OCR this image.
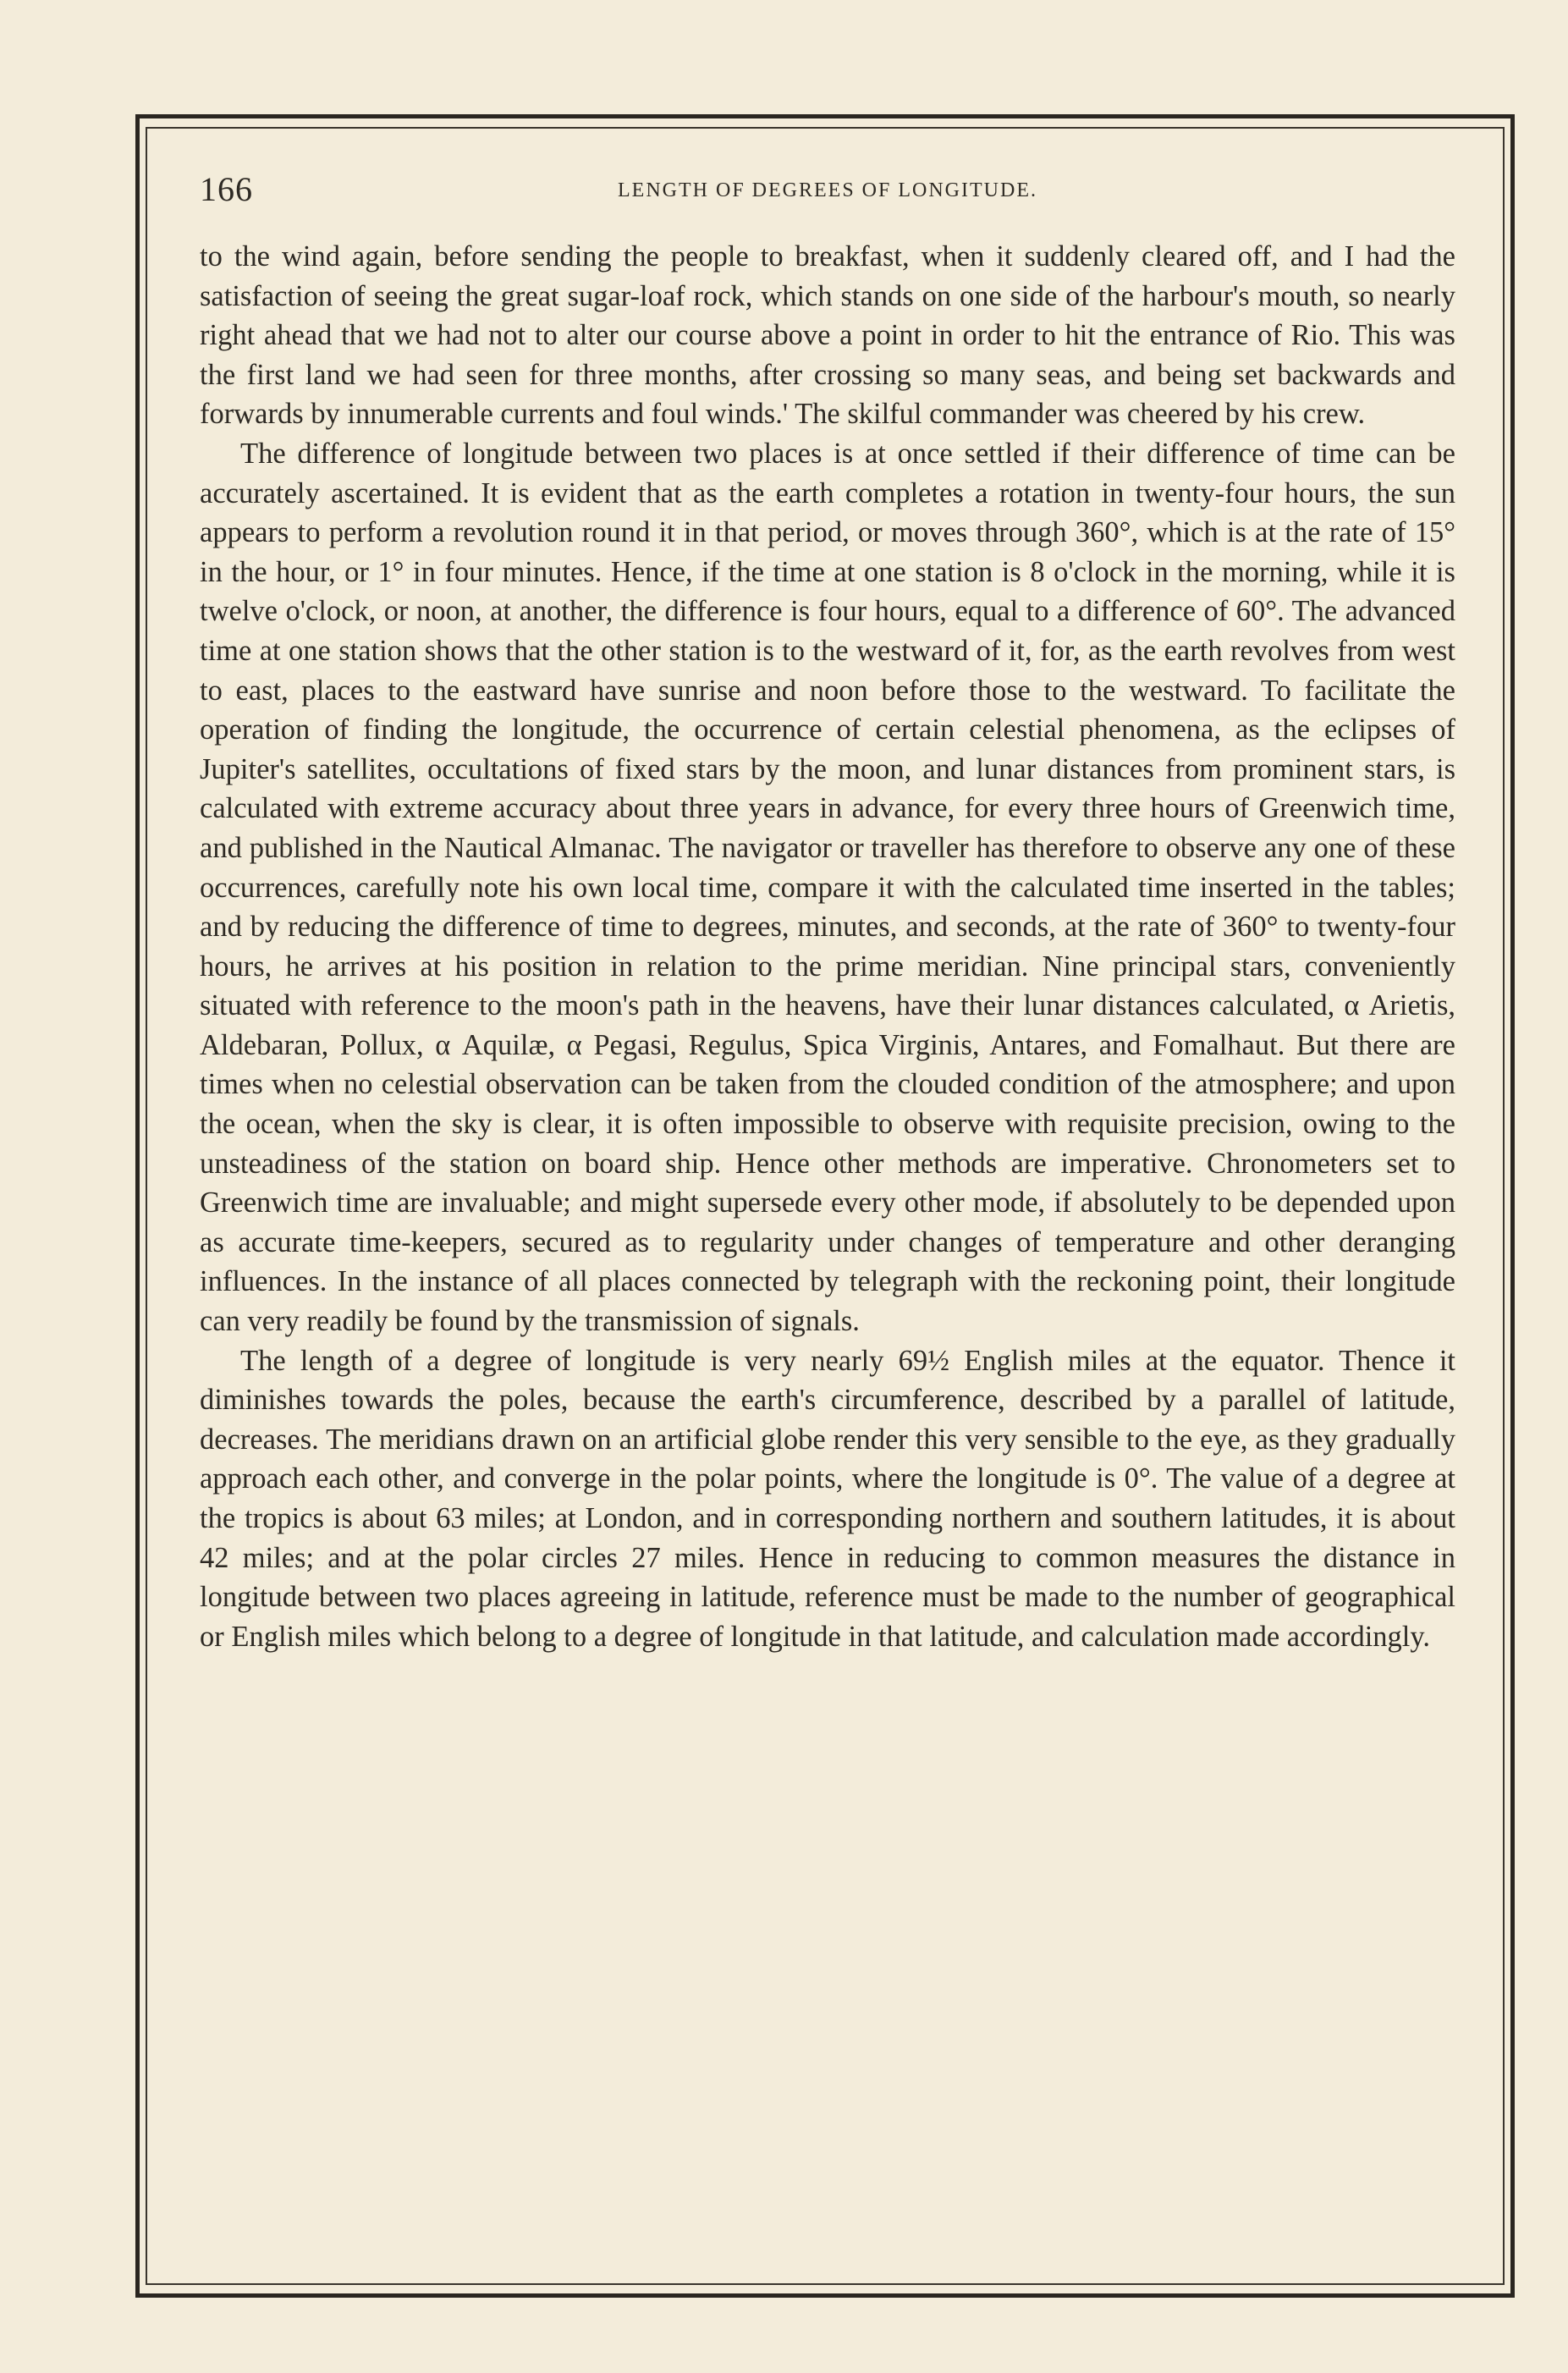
166	LENGTH OF DEGREES OF LONGITUDE.

to the wind again, before sending the people to breakfast, when it suddenly cleared off, and I had the satisfaction of seeing the great sugar-loaf rock, which stands on one side of the harbour's mouth, so nearly right ahead that we had not to alter our course above a point in order to hit the entrance of Rio. This was the first land we had seen for three months, after crossing so many seas, and being set backwards and forwards by innumerable currents and foul winds.' The skilful commander was cheered by his crew.

The difference of longitude between two places is at once settled if their difference of time can be accurately ascertained. It is evident that as the earth completes a rotation in twenty-four hours, the sun appears to perform a revolution round it in that period, or moves through 360°, which is at the rate of 15° in the hour, or 1° in four minutes. Hence, if the time at one station is 8 o'clock in the morning, while it is twelve o'clock, or noon, at another, the difference is four hours, equal to a difference of 60°. The advanced time at one station shows that the other station is to the westward of it, for, as the earth revolves from west to east, places to the eastward have sunrise and noon before those to the westward. To facilitate the operation of finding the longitude, the occurrence of certain celestial phenomena, as the eclipses of Jupiter's satellites, occultations of fixed stars by the moon, and lunar distances from prominent stars, is calculated with extreme accuracy about three years in advance, for every three hours of Greenwich time, and published in the Nautical Almanac. The navigator or traveller has therefore to observe any one of these occurrences, carefully note his own local time, compare it with the calculated time inserted in the tables; and by reducing the difference of time to degrees, minutes, and seconds, at the rate of 360° to twenty-four hours, he arrives at his position in relation to the prime meridian. Nine principal stars, conveniently situated with reference to the moon's path in the heavens, have their lunar distances calculated, α Arietis, Aldebaran, Pollux, α Aquilæ, α Pegasi, Regulus, Spica Virginis, Antares, and Fomalhaut. But there are times when no celestial observation can be taken from the clouded condition of the atmosphere; and upon the ocean, when the sky is clear, it is often impossible to observe with requisite precision, owing to the unsteadiness of the station on board ship. Hence other methods are imperative. Chronometers set to Greenwich time are invaluable; and might supersede every other mode, if absolutely to be depended upon as accurate time-keepers, secured as to regularity under changes of temperature and other deranging influences. In the instance of all places connected by telegraph with the reckoning point, their longitude can very readily be found by the transmission of signals.

The length of a degree of longitude is very nearly 69½ English miles at the equator. Thence it diminishes towards the poles, because the earth's circumference, described by a parallel of latitude, decreases. The meridians drawn on an artificial globe render this very sensible to the eye, as they gradually approach each other, and converge in the polar points, where the longitude is 0°. The value of a degree at the tropics is about 63 miles; at London, and in corresponding northern and southern latitudes, it is about 42 miles; and at the polar circles 27 miles. Hence in reducing to common measures the distance in longitude between two places agreeing in latitude, reference must be made to the number of geographical or English miles which belong to a degree of longitude in that latitude, and calculation made accordingly.
